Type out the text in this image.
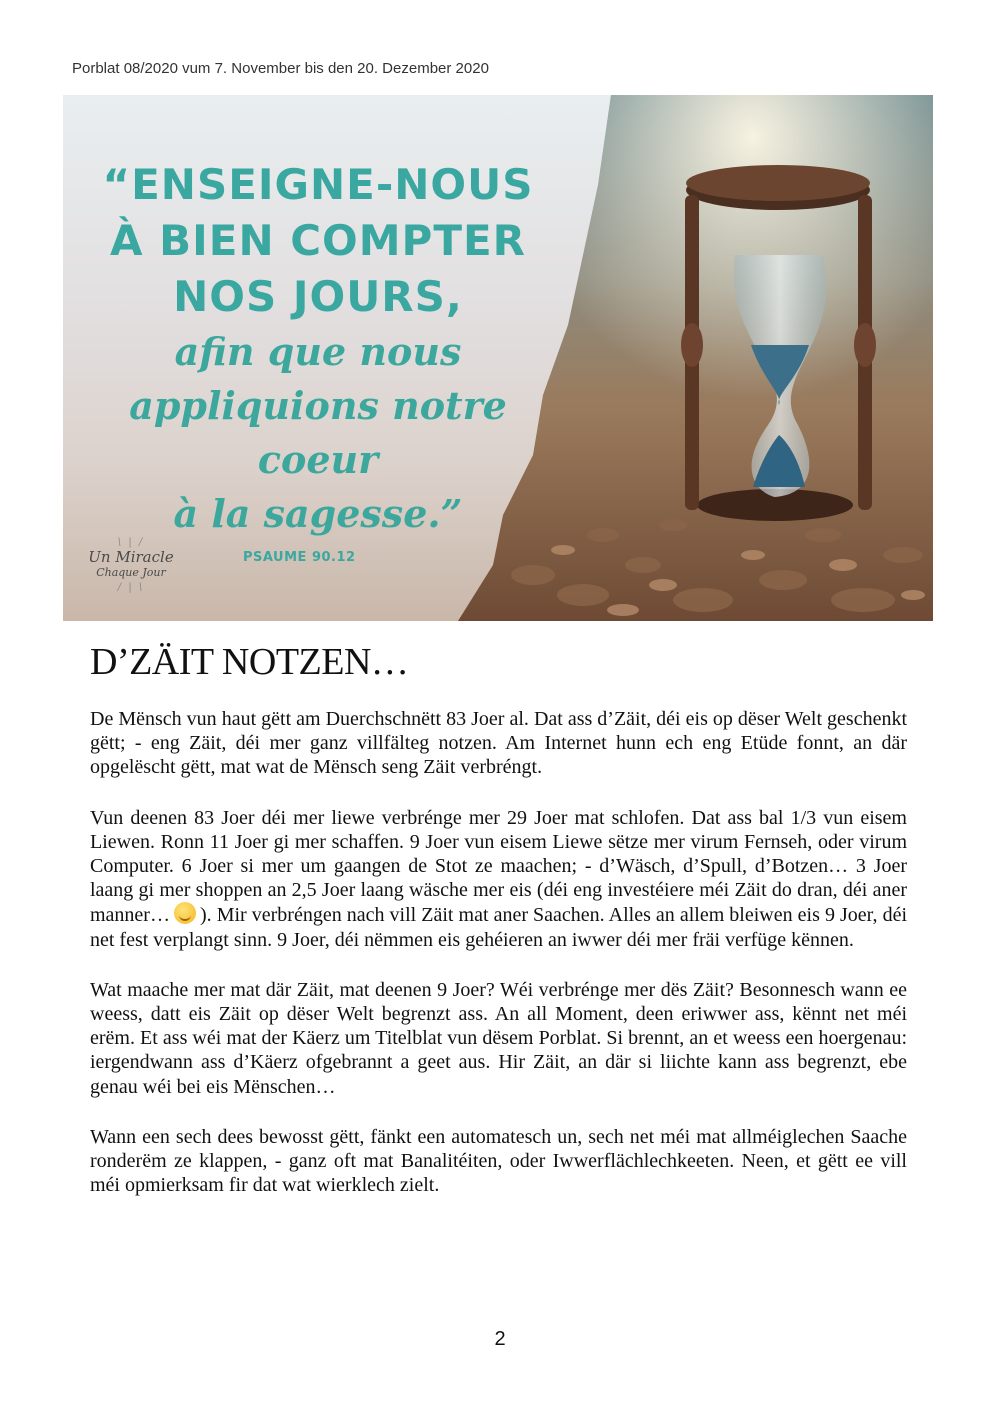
Porblat 08/2020 vum 7. November bis den 20. Dezember 2020
“ENSEIGNE-NOUS
À BIEN COMPTER
NOS JOURS,
afin que nous
appliquions notre coeur
à la sagesse.”
\ | /
Un Miracle
Chaque Jour
/ | \
PSAUME 90.12
D’ZÄIT NOTZEN…

De Mënsch vun haut gëtt am Duerchschnëtt 83 Joer al. Dat ass d’Zäit, déi eis op dëser Welt geschenkt gëtt; - eng Zäit, déi mer ganz villfälteg notzen. Am Internet hunn ech eng Etüde fonnt, an där opgelëscht gëtt, mat wat de Mënsch seng Zäit verbréngt.

Vun deenen 83 Joer déi mer liewe verbrénge mer 29 Joer mat schlofen. Dat ass bal 1/3 vun eisem Liewen. Ronn 11 Joer gi mer schaffen. 9 Joer vun eisem Liewe sëtze mer virum Fernseh, oder virum Computer. 6 Joer si mer um gaangen de Stot ze maachen; - d’Wäsch, d’Spull, d’Botzen… 3 Joer laang gi mer shoppen an 2,5 Joer laang wäsche mer eis (déi eng investéiere méi Zäit do dran, déi aner manner… ). Mir verbréngen nach vill Zäit mat aner Saachen. Alles an allem bleiwen eis 9 Joer, déi net fest verplangt sinn. 9 Joer, déi nëmmen eis gehéieren an iwwer déi mer fräi verfüge kënnen.

Wat maache mer mat där Zäit, mat deenen 9 Joer? Wéi verbrénge mer dës Zäit? Besonnesch wann ee weess, datt eis Zäit op dëser Welt begrenzt ass. An all Moment, deen eriwwer ass, kënnt net méi erëm. Et ass wéi mat der Käerz um Titelblat vun dësem Porblat. Si brennt, an et weess een hoergenau: iergendwann ass d’Käerz ofgebrannt a geet aus. Hir Zäit, an där si liichte kann ass begrenzt, ebe genau wéi bei eis Mënschen…

Wann een sech dees bewosst gëtt, fänkt een automatesch un, sech net méi mat allméiglechen Saache ronderëm ze klappen, - ganz oft mat Banalitéiten, oder Iwwerflächlechkeeten. Neen, et gëtt ee vill méi opmierksam fir dat wat wierklech zielt.

2
